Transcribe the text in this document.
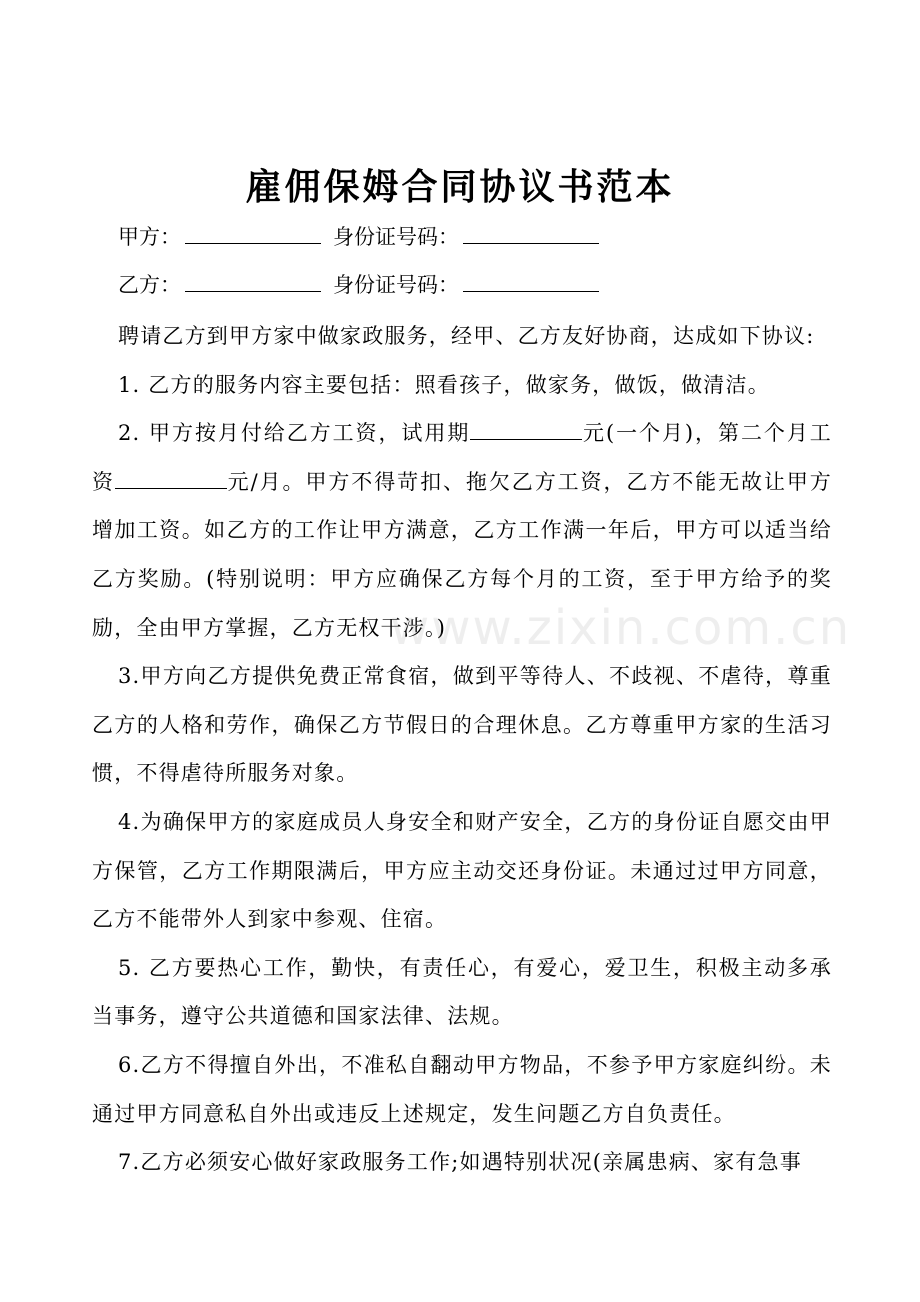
雇佣保姆合同协议书范本
甲方：	身份证号码：
乙方：	身份证号码：

聘请乙方到甲方家中做家政服务，经甲、乙方友好协商，达成如下协议:

1. 乙方的服务内容主要包括：照看孩子，做家务，做饭，做清洁。

2. 甲方按月付给乙方工资，试用期	元(一个月)，第二个月工资	元/月。甲方不得苛扣、拖欠乙方工资，乙方不能无故让甲方增加工资。如乙方的工作让甲方满意，乙方工作满一年后，甲方可以适当给乙方奖励。(特别说明：甲方应确保乙方每个月的工资，至于甲方给予的奖励，全由甲方掌握，乙方无权干涉。)

3.甲方向乙方提供免费正常食宿，做到平等待人、不歧视、不虐待，尊重乙方的人格和劳作，确保乙方节假日的合理休息。乙方尊重甲方家的生活习惯，不得虐待所服务对象。

4.为确保甲方的家庭成员人身安全和财产安全，乙方的身份证自愿交由甲方保管，乙方工作期限满后，甲方应主动交还身份证。未通过过甲方同意，乙方不能带外人到家中参观、住宿。

5. 乙方要热心工作，勤快，有责任心，有爱心，爱卫生，积极主动多承当事务，遵守公共道德和国家法律、法规。

6.乙方不得擅自外出，不准私自翻动甲方物品，不参予甲方家庭纠纷。未通过甲方同意私自外出或违反上述规定，发生问题乙方自负责任。

7.乙方必须安心做好家政服务工作;如遇特别状况(亲属患病、家有急事

www.zixin.com.cn
